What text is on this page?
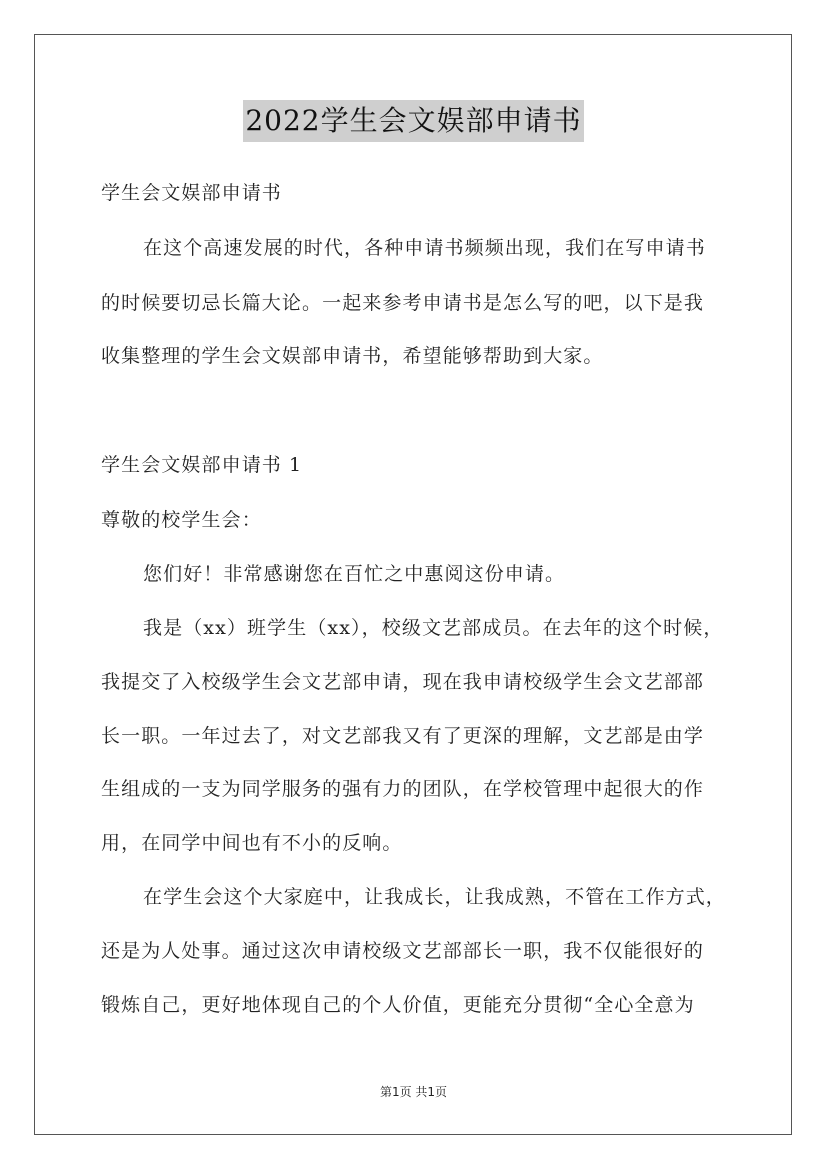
2022学生会文娱部申请书
学生会文娱部申请书
在这个高速发展的时代，各种申请书频频出现，我们在写申请书
的时候要切忌长篇大论。一起来参考申请书是怎么写的吧，以下是我
收集整理的学生会文娱部申请书，希望能够帮助到大家。
学生会文娱部申请书 1
尊敬的校学生会：
您们好！非常感谢您在百忙之中惠阅这份申请。
我是（xx）班学生（xx），校级文艺部成员。在去年的这个时候，
我提交了入校级学生会文艺部申请，现在我申请校级学生会文艺部部
长一职。一年过去了，对文艺部我又有了更深的理解，文艺部是由学
生组成的一支为同学服务的强有力的团队，在学校管理中起很大的作
用，在同学中间也有不小的反响。
在学生会这个大家庭中，让我成长，让我成熟，不管在工作方式，
还是为人处事。通过这次申请校级文艺部部长一职，我不仅能很好的
锻炼自己，更好地体现自己的个人价值，更能充分贯彻“全心全意为
第1页 共1页
